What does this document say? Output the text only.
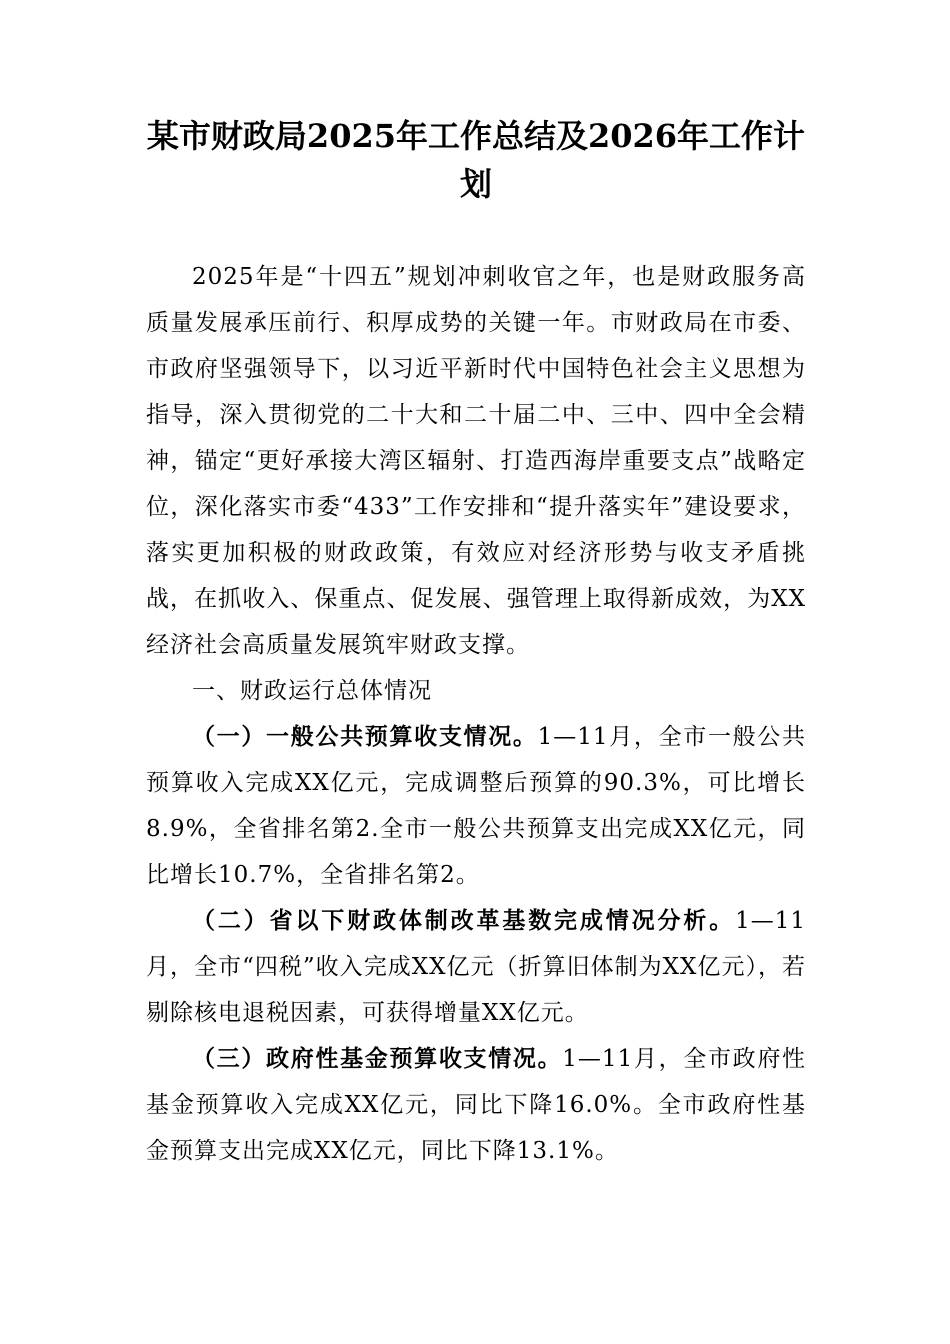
某市财政局2025年工作总结及2026年工作计划

2025年是“十四五”规划冲刺收官之年，也是财政服务高质量发展承压前行、积厚成势的关键一年。市财政局在市委、市政府坚强领导下，以习近平新时代中国特色社会主义思想为指导，深入贯彻党的二十大和二十届二中、三中、四中全会精神，锚定“更好承接大湾区辐射、打造西海岸重要支点”战略定位，深化落实市委“433”工作安排和“提升落实年”建设要求，落实更加积极的财政政策，有效应对经济形势与收支矛盾挑战，在抓收入、保重点、促发展、强管理上取得新成效，为XX经济社会高质量发展筑牢财政支撑。

一、财政运行总体情况

（一）一般公共预算收支情况。1—11月，全市一般公共预算收入完成XX亿元，完成调整后预算的90.3%，可比增长8.9%，全省排名第2.全市一般公共预算支出完成XX亿元，同比增长10.7%，全省排名第2。

（二）省以下财政体制改革基数完成情况分析。1—11月，全市“四税”收入完成XX亿元（折算旧体制为XX亿元），若剔除核电退税因素，可获得增量XX亿元。

（三）政府性基金预算收支情况。1—11月，全市政府性基金预算收入完成XX亿元，同比下降16.0%。全市政府性基金预算支出完成XX亿元，同比下降13.1%。
